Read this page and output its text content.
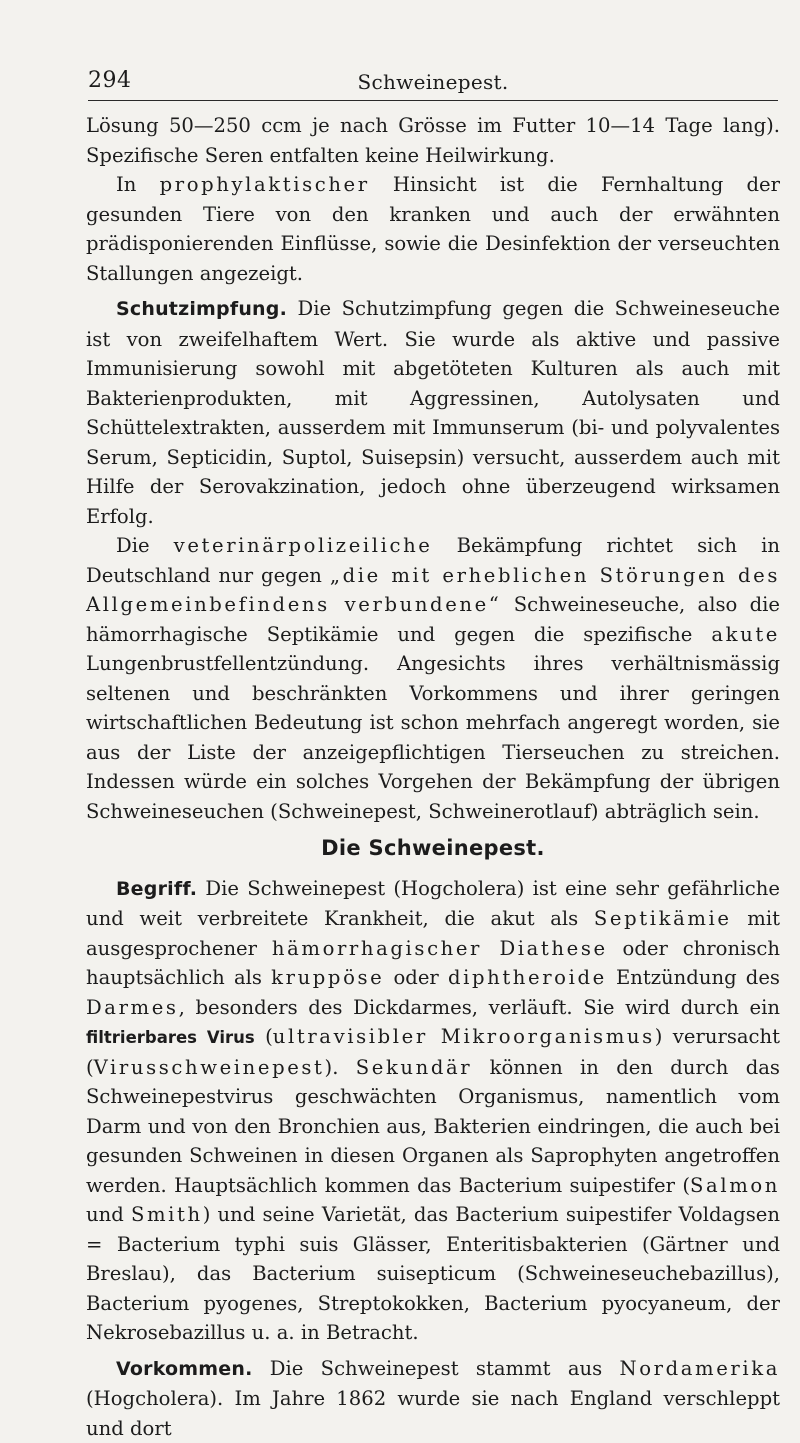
294	Schweinepest.

Lösung 50—250 ccm je nach Grösse im Futter 10—14 Tage lang). Spezifische Seren entfalten keine Heilwirkung.

In prophylaktischer Hinsicht ist die Fernhaltung der gesunden Tiere von den kranken und auch der erwähnten prädisponierenden Einflüsse, sowie die Desinfektion der verseuchten Stallungen angezeigt.

Schutzimpfung. Die Schutzimpfung gegen die Schweineseuche ist von zweifelhaftem Wert. Sie wurde als aktive und passive Immunisierung sowohl mit abgetöteten Kulturen als auch mit Bakterienprodukten, mit Aggressinen, Autolysaten und Schüttelextrakten, ausserdem mit Immunserum (bi- und polyvalentes Serum, Septicidin, Suptol, Suisepsin) versucht, ausserdem auch mit Hilfe der Serovakzination, jedoch ohne überzeugend wirksamen Erfolg.

Die veterinärpolizeiliche Bekämpfung richtet sich in Deutschland nur gegen „die mit erheblichen Störungen des Allgemeinbefindens verbundene“ Schweineseuche, also die hämorrhagische Septikämie und gegen die spezifische akute Lungenbrustfellentzündung. Angesichts ihres verhältnismässig seltenen und beschränkten Vorkommens und ihrer geringen wirtschaftlichen Bedeutung ist schon mehrfach angeregt worden, sie aus der Liste der anzeigepflichtigen Tierseuchen zu streichen. Indessen würde ein solches Vorgehen der Bekämpfung der übrigen Schweineseuchen (Schweinepest, Schweinerotlauf) abträglich sein.

Die Schweinepest.

Begriff. Die Schweinepest (Hogcholera) ist eine sehr gefährliche und weit verbreitete Krankheit, die akut als Septikämie mit ausgesprochener hämorrhagischer Diathese oder chronisch hauptsächlich als kruppöse oder diphtheroide Entzündung des Darmes, besonders des Dickdarmes, verläuft. Sie wird durch ein filtrierbares Virus (ultravisibler Mikroorganismus) verursacht (Virusschweinepest). Sekundär können in den durch das Schweinepestvirus geschwächten Organismus, namentlich vom Darm und von den Bronchien aus, Bakterien eindringen, die auch bei gesunden Schweinen in diesen Organen als Saprophyten angetroffen werden. Hauptsächlich kommen das Bacterium suipestifer (Salmon und Smith) und seine Varietät, das Bacterium suipestifer Voldagsen = Bacterium typhi suis Glässer, Enteritisbakterien (Gärtner und Breslau), das Bacterium suisepticum (Schweineseuchebazillus), Bacterium pyogenes, Streptokokken, Bacterium pyocyaneum, der Nekrosebazillus u. a. in Betracht.

Vorkommen. Die Schweinepest stammt aus Nordamerika (Hogcholera). Im Jahre 1862 wurde sie nach England verschleppt und dort
